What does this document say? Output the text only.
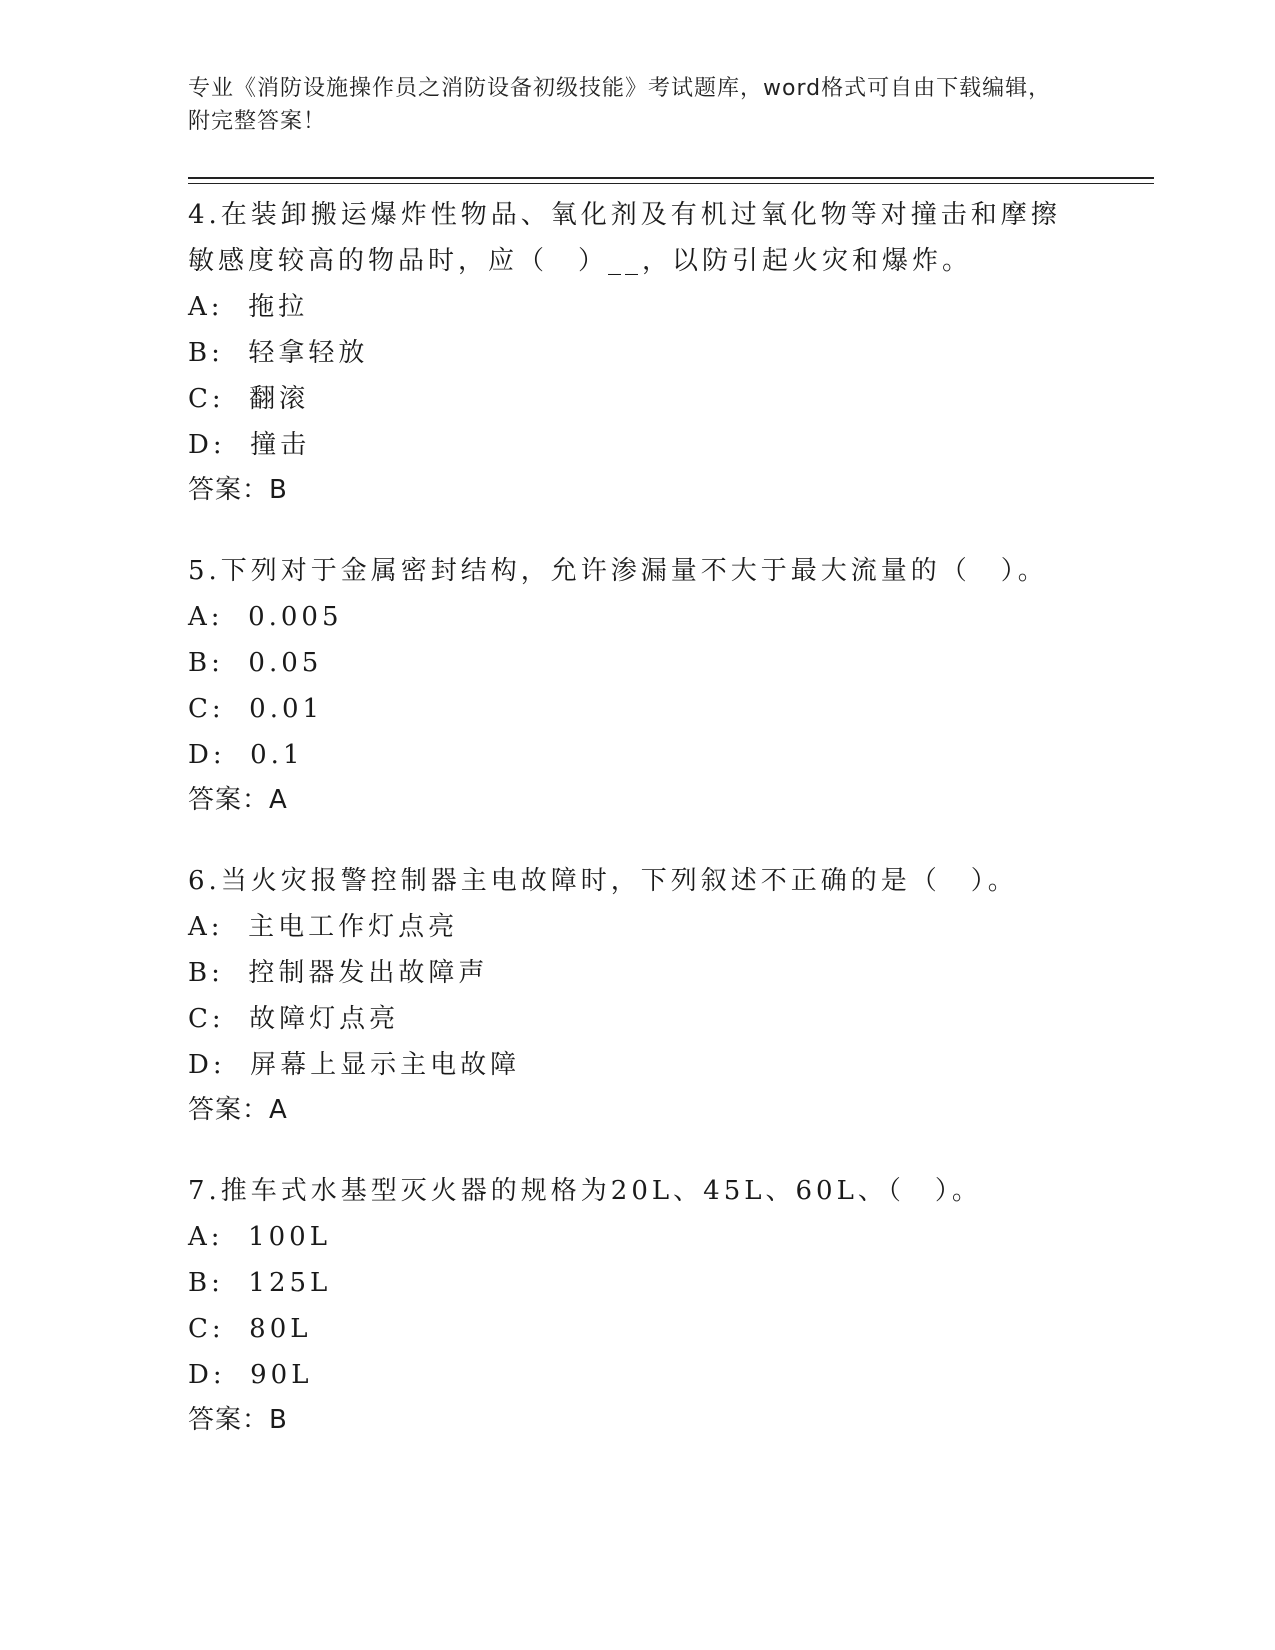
专业《消防设施操作员之消防设备初级技能》考试题库，word格式可自由下载编辑，附完整答案！

4.在装卸搬运爆炸性物品、氧化剂及有机过氧化物等对撞击和摩擦敏感度较高的物品时，应（　）__，以防引起火灾和爆炸。

A:  拖拉

B:  轻拿轻放

C:  翻滚

D:  撞击

答案：B

5.下列对于金属密封结构，允许渗漏量不大于最大流量的（　）。

A:  0.005

B:  0.05

C:  0.01

D:  0.1

答案：A

6.当火灾报警控制器主电故障时，下列叙述不正确的是（　）。

A:  主电工作灯点亮

B:  控制器发出故障声

C:  故障灯点亮

D:  屏幕上显示主电故障

答案：A

7.推车式水基型灭火器的规格为20L、45L、60L、（　）。

A:  100L

B:  125L

C:  80L

D:  90L

答案：B
